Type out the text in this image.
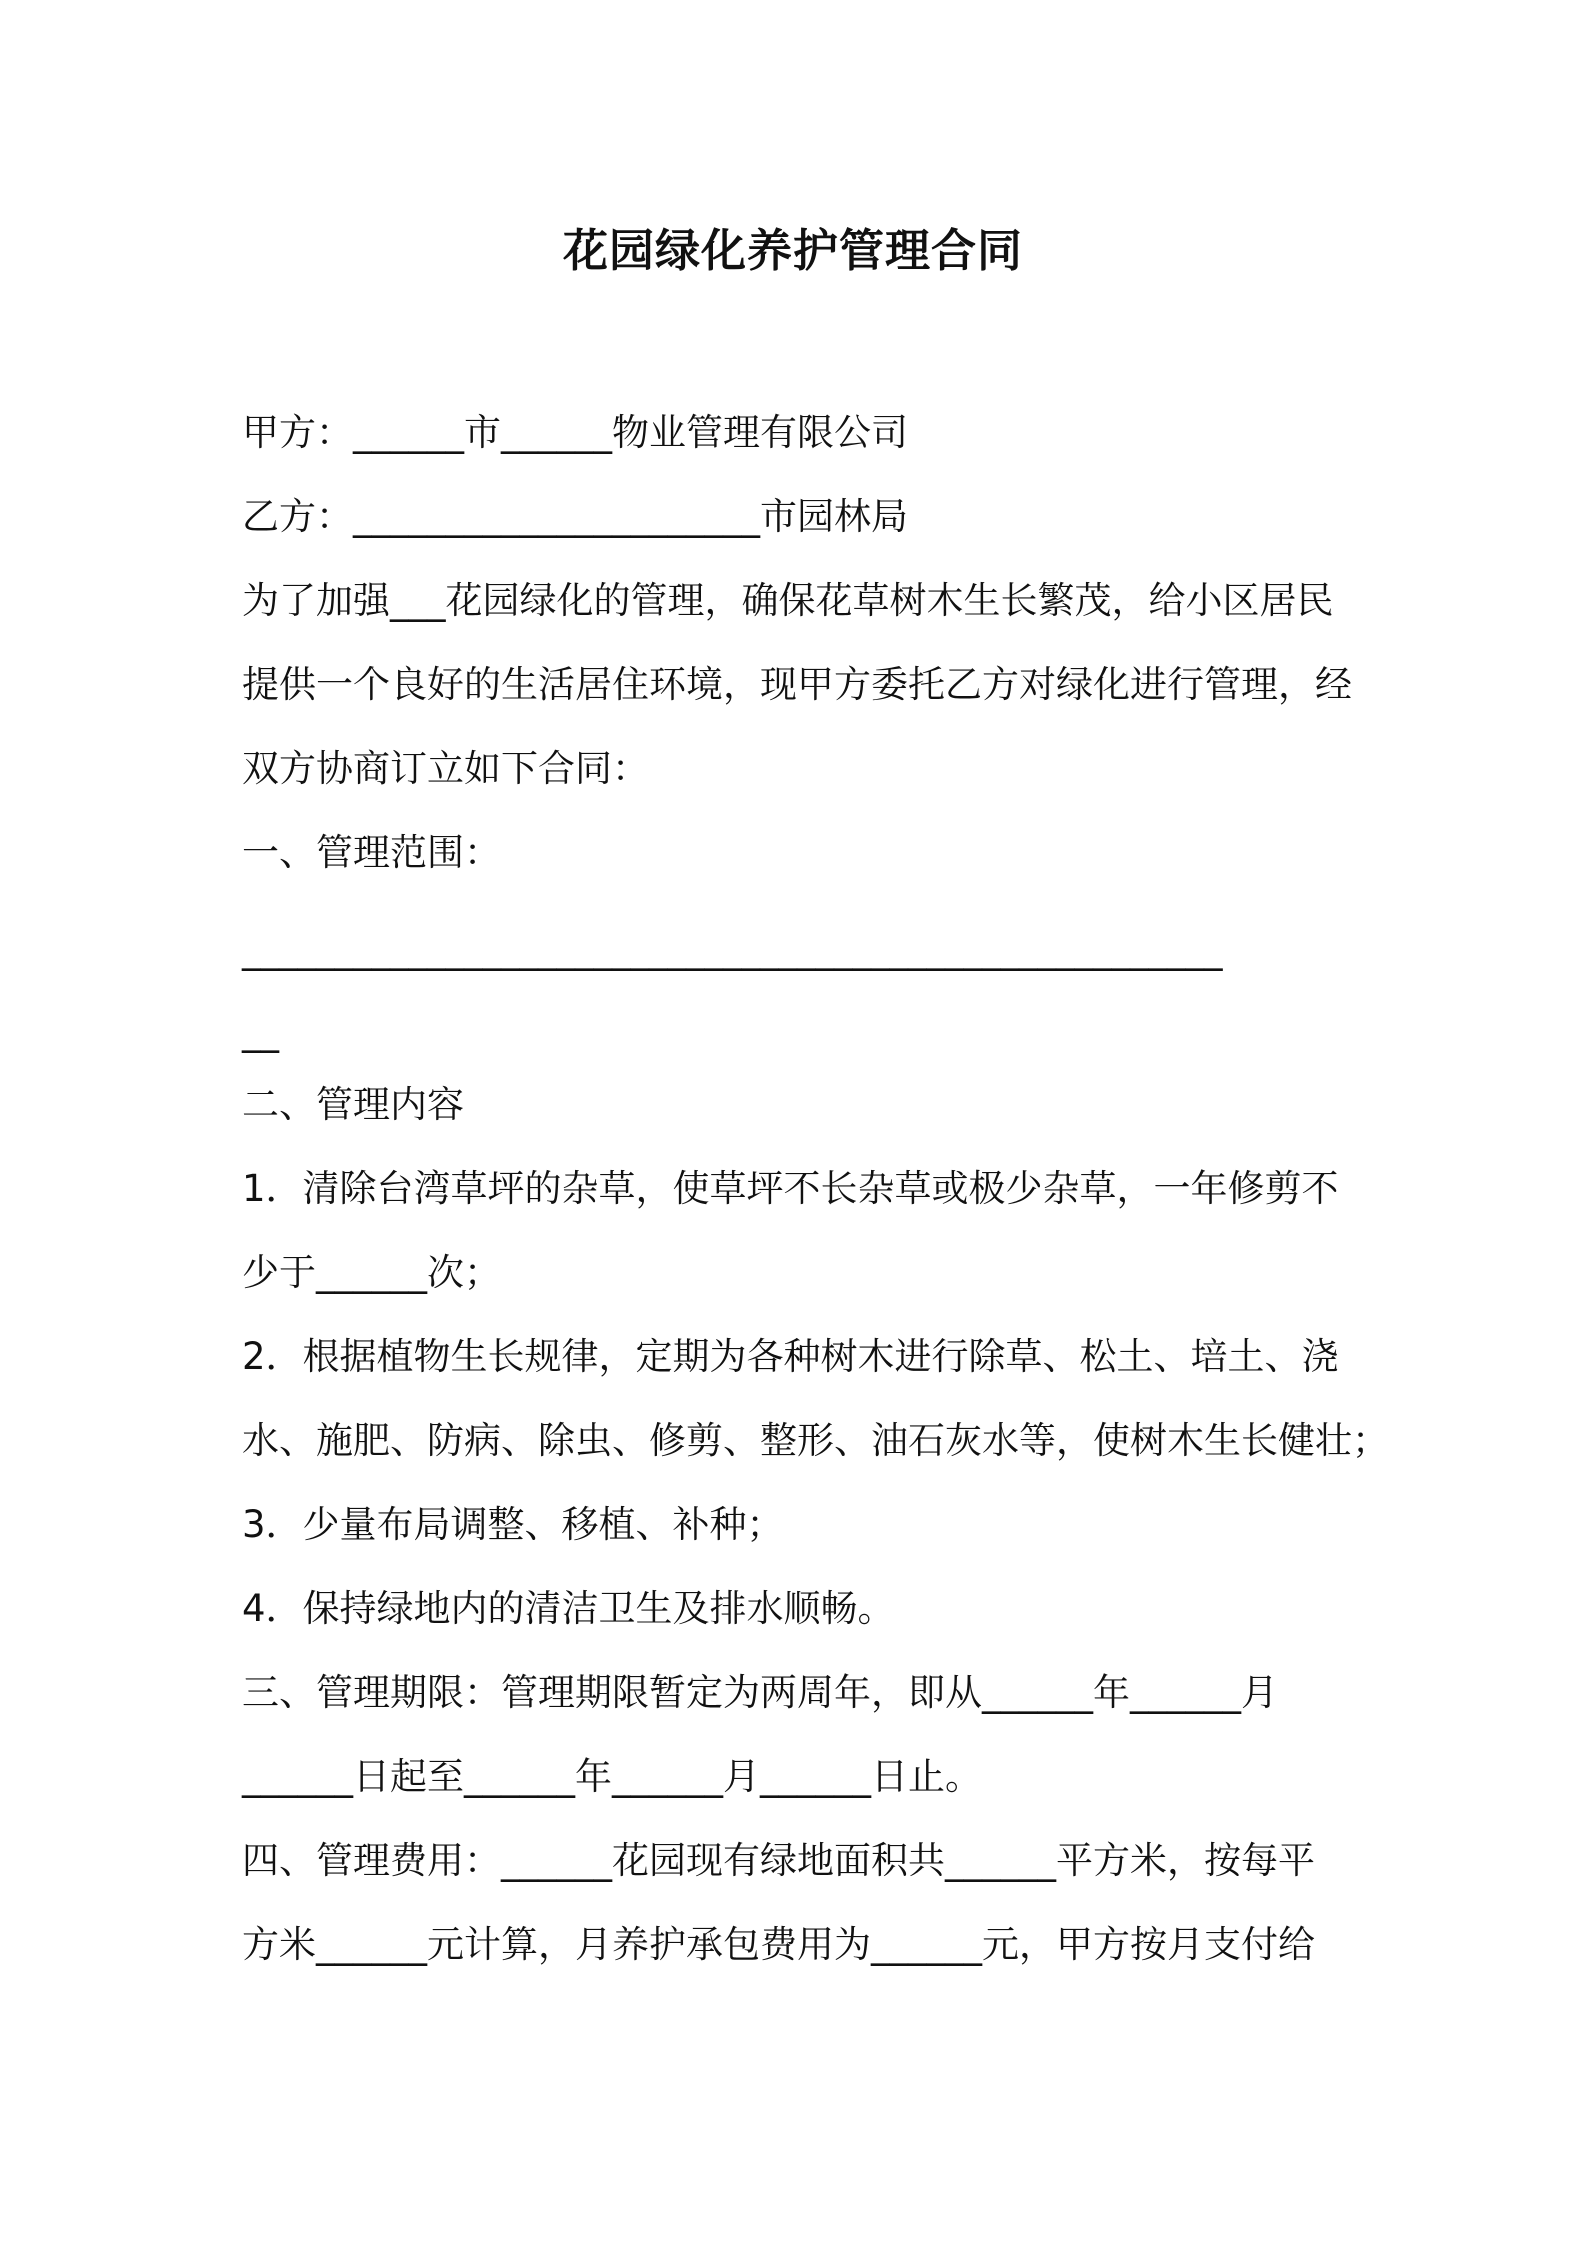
花园绿化养护管理合同
甲方：______市______物业管理有限公司
乙方：______________________市园林局
为了加强___花园绿化的管理，确保花草树木生长繁茂，给小区居民
提供一个良好的生活居住环境，现甲方委托乙方对绿化进行管理，经
双方协商订立如下合同：
一、管理范围：
_____________________________________________________
__
二、管理内容
1．清除台湾草坪的杂草，使草坪不长杂草或极少杂草，一年修剪不
少于______次；
2．根据植物生长规律，定期为各种树木进行除草、松土、培土、浇
水、施肥、防病、除虫、修剪、整形、油石灰水等，使树木生长健壮；
3．少量布局调整、移植、补种；
4．保持绿地内的清洁卫生及排水顺畅。
三、管理期限：管理期限暂定为两周年，即从______年______月
______日起至______年______月______日止。
四、管理费用：______花园现有绿地面积共______平方米，按每平
方米______元计算，月养护承包费用为______元，甲方按月支付给
